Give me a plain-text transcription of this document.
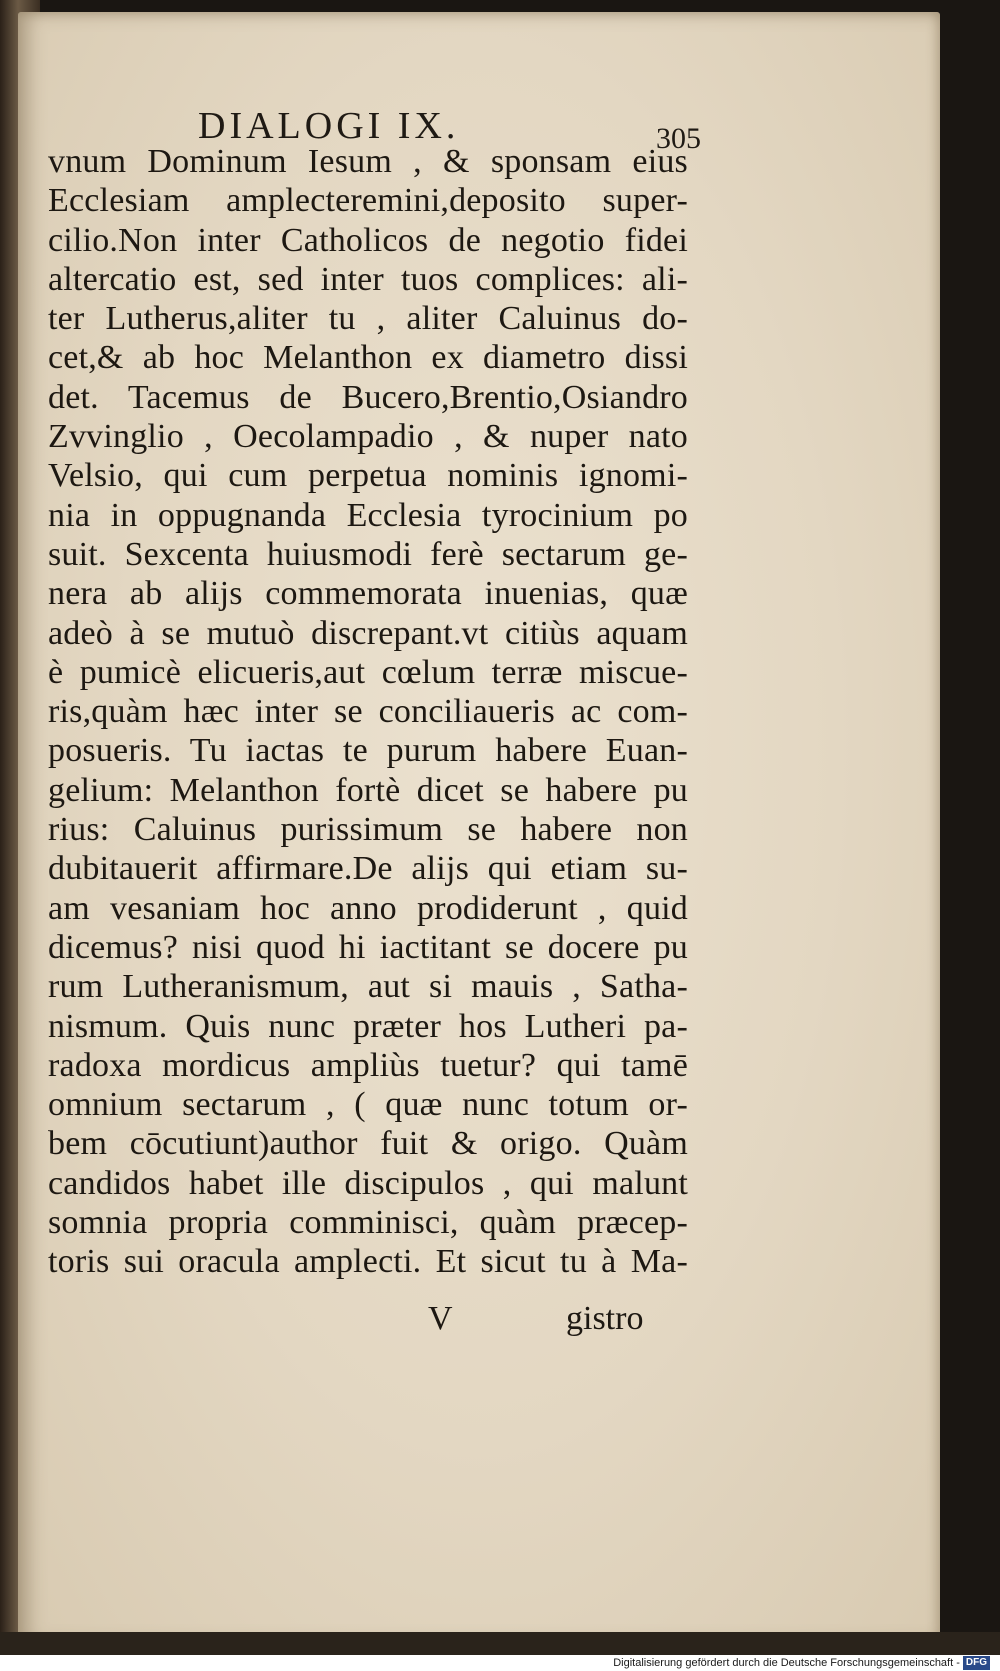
DIALOGI IX.	305
vnum Dominum Iesum , & sponsam eius
Ecclesiam amplecteremini,deposito super-
cilio.Non inter Catholicos de negotio fidei
altercatio est, sed inter tuos complices: ali-
ter Lutherus,aliter tu , aliter Caluinus do-
cet,& ab hoc Melanthon ex diametro dissi
det. Tacemus de Bucero,Brentio,Osiandro
Zvvinglio , Oecolampadio , & nuper nato
Velsio, qui cum perpetua nominis ignomi-
nia in oppugnanda Ecclesia tyrocinium po
suit. Sexcenta huiusmodi ferè sectarum ge-
nera ab alijs commemorata inuenias, quæ
adeò à se mutuò discrepant.vt citiùs aquam
è pumicè elicueris,aut cœlum terræ miscue-
ris,quàm hæc inter se conciliaueris ac com-
posueris. Tu iactas te purum habere Euan-
gelium: Melanthon fortè dicet se habere pu
rius: Caluinus purissimum se habere non
dubitauerit affirmare.De alijs qui etiam su-
am vesaniam hoc anno prodiderunt , quid
dicemus? nisi quod hi iactitant se docere pu
rum Lutheranismum, aut si mauis , Satha-
nismum. Quis nunc præter hos Lutheri pa-
radoxa mordicus ampliùs tuetur? qui tamē
omnium sectarum , ( quæ nunc totum or-
bem cōcutiunt)author fuit & origo. Quàm
candidos habet ille discipulos , qui malunt
somnia propria comminisci, quàm præcep-
toris sui oracula amplecti. Et sicut tu à Ma-
V	gistro
Digitalisierung gefördert durch die Deutsche Forschungsgemeinschaft - DFG
